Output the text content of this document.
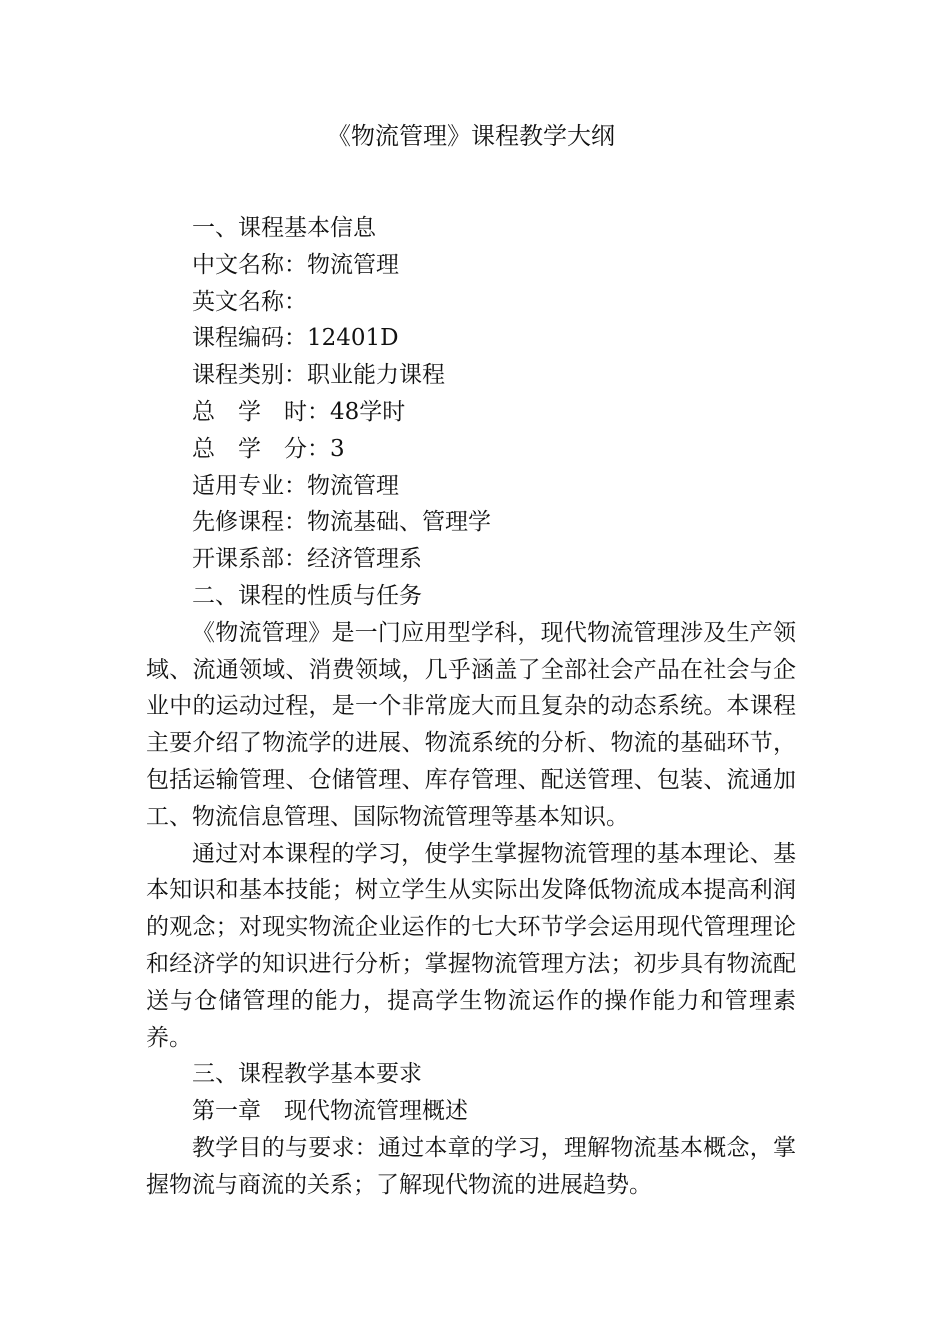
《物流管理》课程教学大纲
一、课程基本信息
中文名称：物流管理
英文名称：
课程编码：12401D
课程类别：职业能力课程
总　学　时：48学时
总　学　分：3
适用专业：物流管理
先修课程：物流基础、管理学
开课系部：经济管理系
二、课程的性质与任务

《物流管理》是一门应用型学科，现代物流管理涉及生产领域、流通领域、消费领域，几乎涵盖了全部社会产品在社会与企业中的运动过程，是一个非常庞大而且复杂的动态系统。本课程主要介绍了物流学的进展、物流系统的分析、物流的基础环节，包括运输管理、仓储管理、库存管理、配送管理、包装、流通加工、物流信息管理、国际物流管理等基本知识。

通过对本课程的学习，使学生掌握物流管理的基本理论、基本知识和基本技能；树立学生从实际出发降低物流成本提高利润的观念；对现实物流企业运作的七大环节学会运用现代管理理论和经济学的知识进行分析；掌握物流管理方法；初步具有物流配送与仓储管理的能力，提高学生物流运作的操作能力和管理素养。

三、课程教学基本要求
第一章　现代物流管理概述

教学目的与要求：通过本章的学习，理解物流基本概念，掌握物流与商流的关系；了解现代物流的进展趋势。
